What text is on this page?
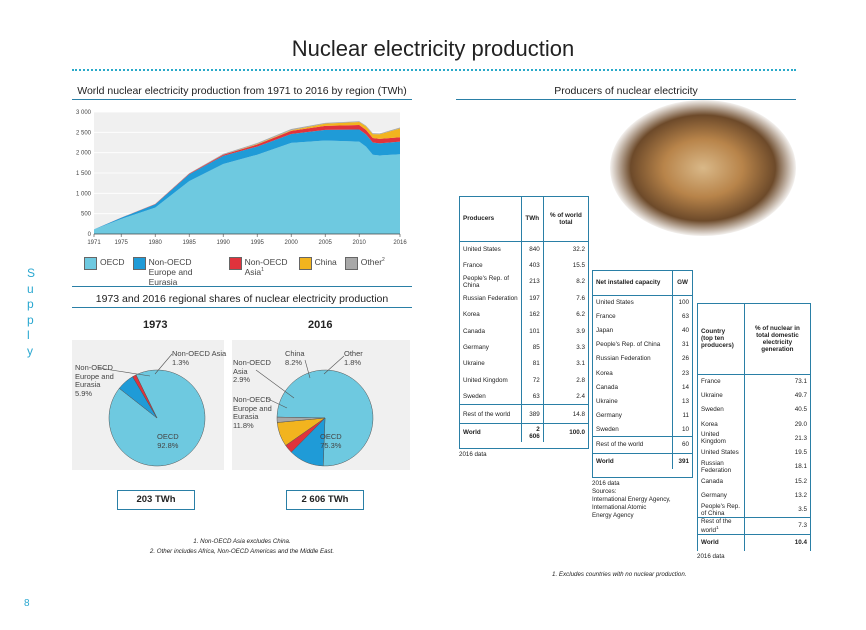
Nuclear electricity production
S
u
p
p
l
y
8
World nuclear electricity production from 1971 to 2016 by region (TWh)
3 000
2 500
2 000
1 500
1 000
500
0
1971 1975	1980	1985	1990	1995	2000	2005	2010	2016
OECD	Non-OECD Europe and Eurasia
Non-OECD Asia$^1$
China	Other$^2$
1973 and 2016 regional shares of nuclear electricity production
1973	2016
Non-OECD
Europe and
Eurasia
5.9%
Non-OECD Asia
1.3%
OECD
92.8%
Non-OECD
Asia
2.9%
Non-OECD
Europe and
Eurasia
11.8%
China
8.2%
Other
1.8%
OECD
75.3%
203 TWh	2 606 TWh
1. Non-OECD Asia excludes China.
2. Other includes Africa, Non-OECD Americas and the Middle East.
Producers of nuclear electricity
Producers	TWh	% of world total
United States	840	32.2
France	403	15.5
People's Rep. of China	213	8.2
Russian Federation	197	7.6
Korea	162	6.2
Canada	101	3.9
Germany	85	3.3
Ukraine	81	3.1
United Kingdom	72	2.8
Sweden	63	2.4
Rest of the world	389	14.8
World	2 606	100.0
2016 data
Net installed capacity	GW
United States	100
France	63
Japan	40
People's Rep. of China	31
Russian Federation	26
Korea	23
Canada	14
Ukraine	13
Germany	11
Sweden	10
Rest of the world	60
World	391
2016 data
Sources:
International Energy Agency,
International Atomic
Energy Agency
Country
(top ten producers)	% of nuclear in total domestic electricity generation
France	73.1
Ukraine	49.7
Sweden	40.5
Korea	29.0
United Kingdom	21.3
United States	19.5
Russian Federation	18.1
Canada	15.2
Germany	13.2
People's Rep. of China	3.5
Rest of the world$^1$	7.3
World	10.4
2016 data
1. Excludes countries with no nuclear production.
